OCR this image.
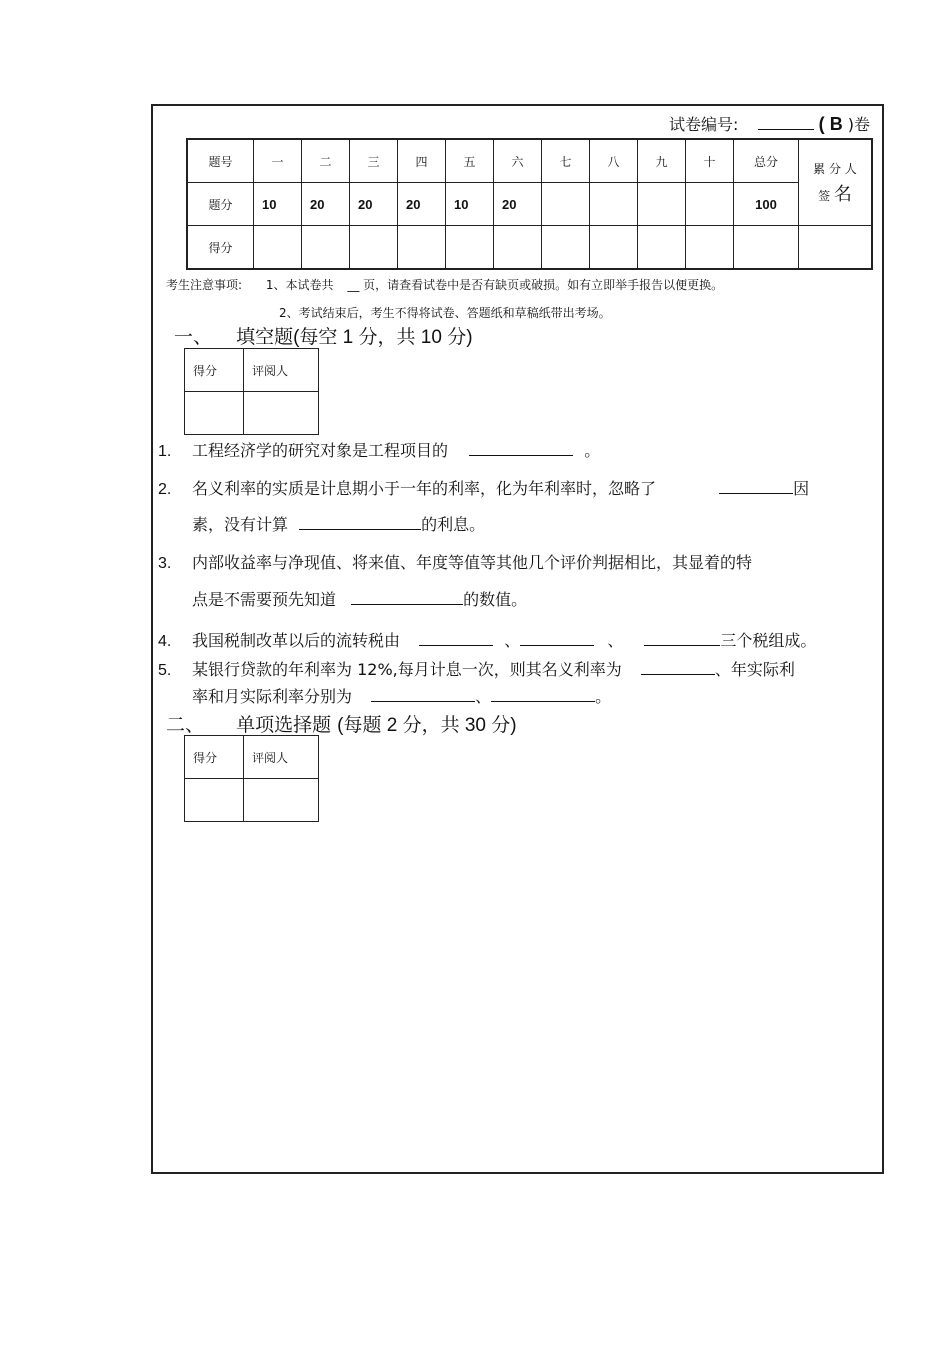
试卷编号:	( B )卷
题号	一	二	三	四	五	六	七	八	九	十	总分	累 分 人
签 名

题分	10	20	20	20	10	20					100	
得分												
考生注意事项: 1、本试卷共 __ 页，请查看试卷中是否有缺页或破损。如有立即举手报告以便更换。
2、考试结束后，考生不得将试卷、答题纸和草稿纸带出考场。
一、 填空题(每空 1 分，共 10 分)
得分	评阅人

1. 工程经济学的研究对象是工程项目的	。
2. 名义利率的实质是计息期小于一年的利率，化为年利率时，忽略了	因
素，没有计算	的利息。
3. 内部收益率与净现值、将来值、年度等值等其他几个评价判据相比，其显着的特
点是不需要预先知道	的数值。
4. 我国税制改革以后的流转税由	、	、	三个税组成。
5. 某银行贷款的年利率为 12%,每月计息一次，则其名义利率为	、年实际利
率和月实际利率分别为	、	。
二、 单项选择题 (每题 2 分，共 30 分)
得分	评阅人
